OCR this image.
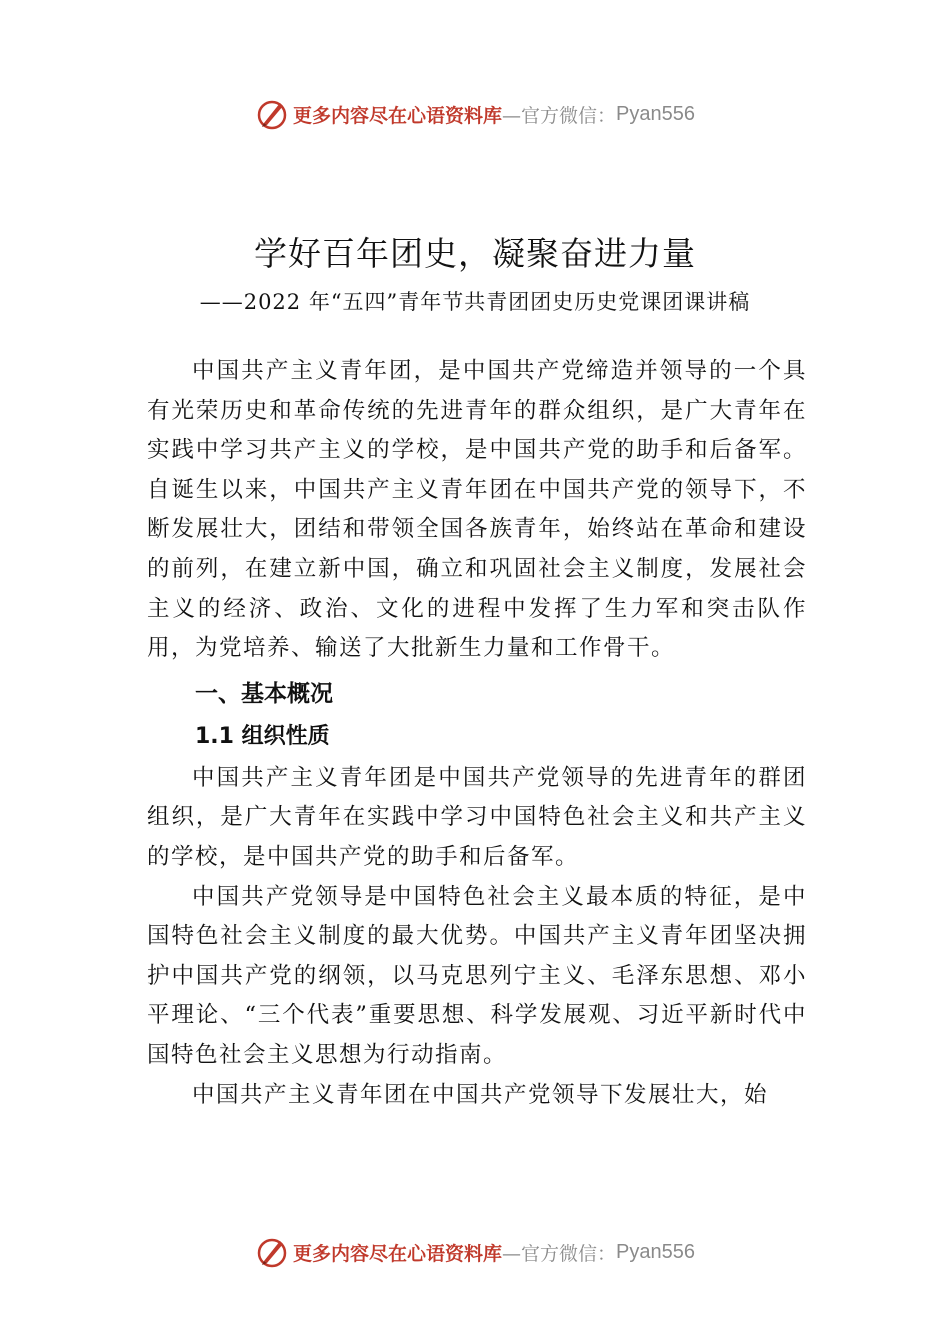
更多内容尽在心语资料库 —官方微信： Pyan556
学好百年团史，凝聚奋进力量
——2022 年“五四”青年节共青团团史历史党课团课讲稿

中国共产主义青年团，是中国共产党缔造并领导的一个具有光荣历史和革命传统的先进青年的群众组织，是广大青年在实践中学习共产主义的学校，是中国共产党的助手和后备军。自诞生以来，中国共产主义青年团在中国共产党的领导下，不断发展壮大，团结和带领全国各族青年，始终站在革命和建设的前列，在建立新中国，确立和巩固社会主义制度，发展社会主义的经济、政治、文化的进程中发挥了生力军和突击队作用，为党培养、输送了大批新生力量和工作骨干。

一、基本概况
1.1 组织性质

中国共产主义青年团是中国共产党领导的先进青年的群团组织，是广大青年在实践中学习中国特色社会主义和共产主义的学校，是中国共产党的助手和后备军。

中国共产党领导是中国特色社会主义最本质的特征，是中国特色社会主义制度的最大优势。中国共产主义青年团坚决拥护中国共产党的纲领，以马克思列宁主义、毛泽东思想、邓小平理论、“三个代表”重要思想、科学发展观、习近平新时代中国特色社会主义思想为行动指南。

中国共产主义青年团在中国共产党领导下发展壮大，始

更多内容尽在心语资料库 —官方微信： Pyan556
